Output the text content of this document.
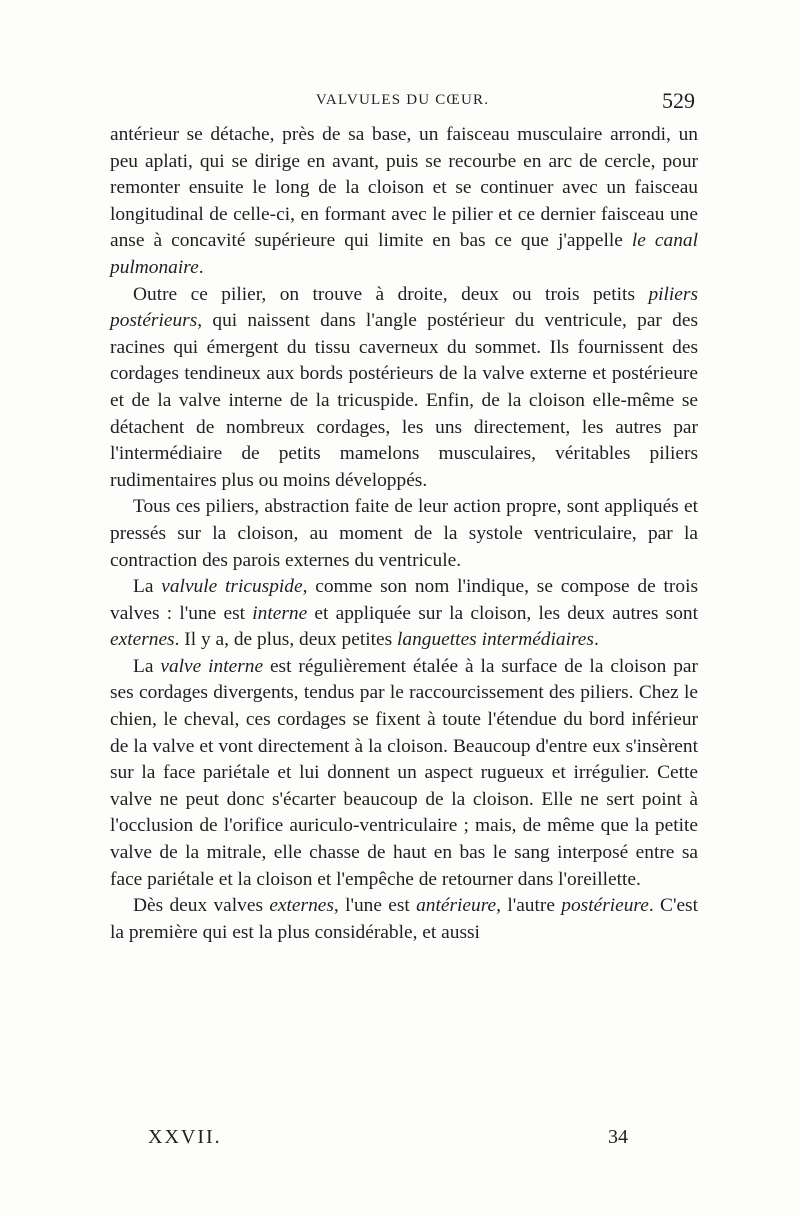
VALVULES DU CŒUR.	529

antérieur se détache, près de sa base, un faisceau musculaire arrondi, un peu aplati, qui se dirige en avant, puis se recourbe en arc de cercle, pour remonter ensuite le long de la cloison et se continuer avec un faisceau longitudinal de celle-ci, en formant avec le pilier et ce dernier faisceau une anse à concavité supérieure qui limite en bas ce que j'appelle le canal pulmonaire.

Outre ce pilier, on trouve à droite, deux ou trois petits piliers postérieurs, qui naissent dans l'angle postérieur du ventricule, par des racines qui émergent du tissu caverneux du sommet. Ils fournissent des cordages tendineux aux bords postérieurs de la valve externe et postérieure et de la valve interne de la tricuspide. Enfin, de la cloison elle-même se détachent de nombreux cordages, les uns directement, les autres par l'intermédiaire de petits mamelons musculaires, véritables piliers rudimentaires plus ou moins développés.

Tous ces piliers, abstraction faite de leur action propre, sont appliqués et pressés sur la cloison, au moment de la systole ventriculaire, par la contraction des parois externes du ventricule.

La valvule tricuspide, comme son nom l'indique, se compose de trois valves : l'une est interne et appliquée sur la cloison, les deux autres sont externes. Il y a, de plus, deux petites languettes intermédiaires.

La valve interne est régulièrement étalée à la surface de la cloison par ses cordages divergents, tendus par le raccourcissement des piliers. Chez le chien, le cheval, ces cordages se fixent à toute l'étendue du bord inférieur de la valve et vont directement à la cloison. Beaucoup d'entre eux s'insèrent sur la face pariétale et lui donnent un aspect rugueux et irrégulier. Cette valve ne peut donc s'écarter beaucoup de la cloison. Elle ne sert point à l'occlusion de l'orifice auriculo-ventriculaire ; mais, de même que la petite valve de la mitrale, elle chasse de haut en bas le sang interposé entre sa face pariétale et la cloison et l'empêche de retourner dans l'oreillette.

Dès deux valves externes, l'une est antérieure, l'autre postérieure. C'est la première qui est la plus considérable, et aussi

XXVII.	34
